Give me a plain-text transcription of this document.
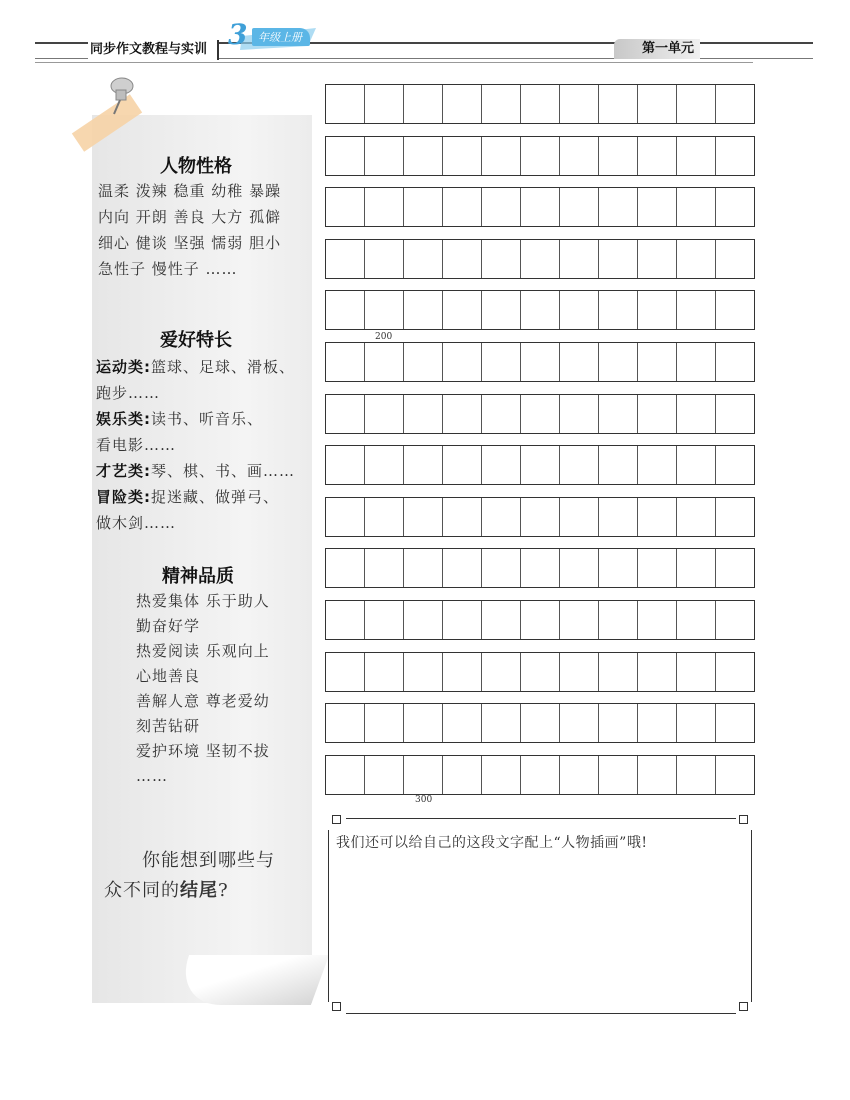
同步作文教程与实训 3 年级上册
第一单元
人物性格
温柔 泼辣 稳重 幼稚 暴躁
内向 开朗 善良 大方 孤僻
细心 健谈 坚强 懦弱 胆小
急性子 慢性子 ……
爱好特长
运动类:篮球、足球、滑板、
跑步……
娱乐类:读书、听音乐、
看电影……
才艺类:琴、棋、书、画……
冒险类:捉迷藏、做弹弓、
做木剑……
精神品质
热爱集体 乐于助人
勤奋好学
热爱阅读 乐观向上
心地善良
善解人意 尊老爱幼
刻苦钻研
爱护环境 坚韧不拔
……
你能想到哪些与
众不同的结尾?
200
300
我们还可以给自己的这段文字配上“人物插画”哦!
